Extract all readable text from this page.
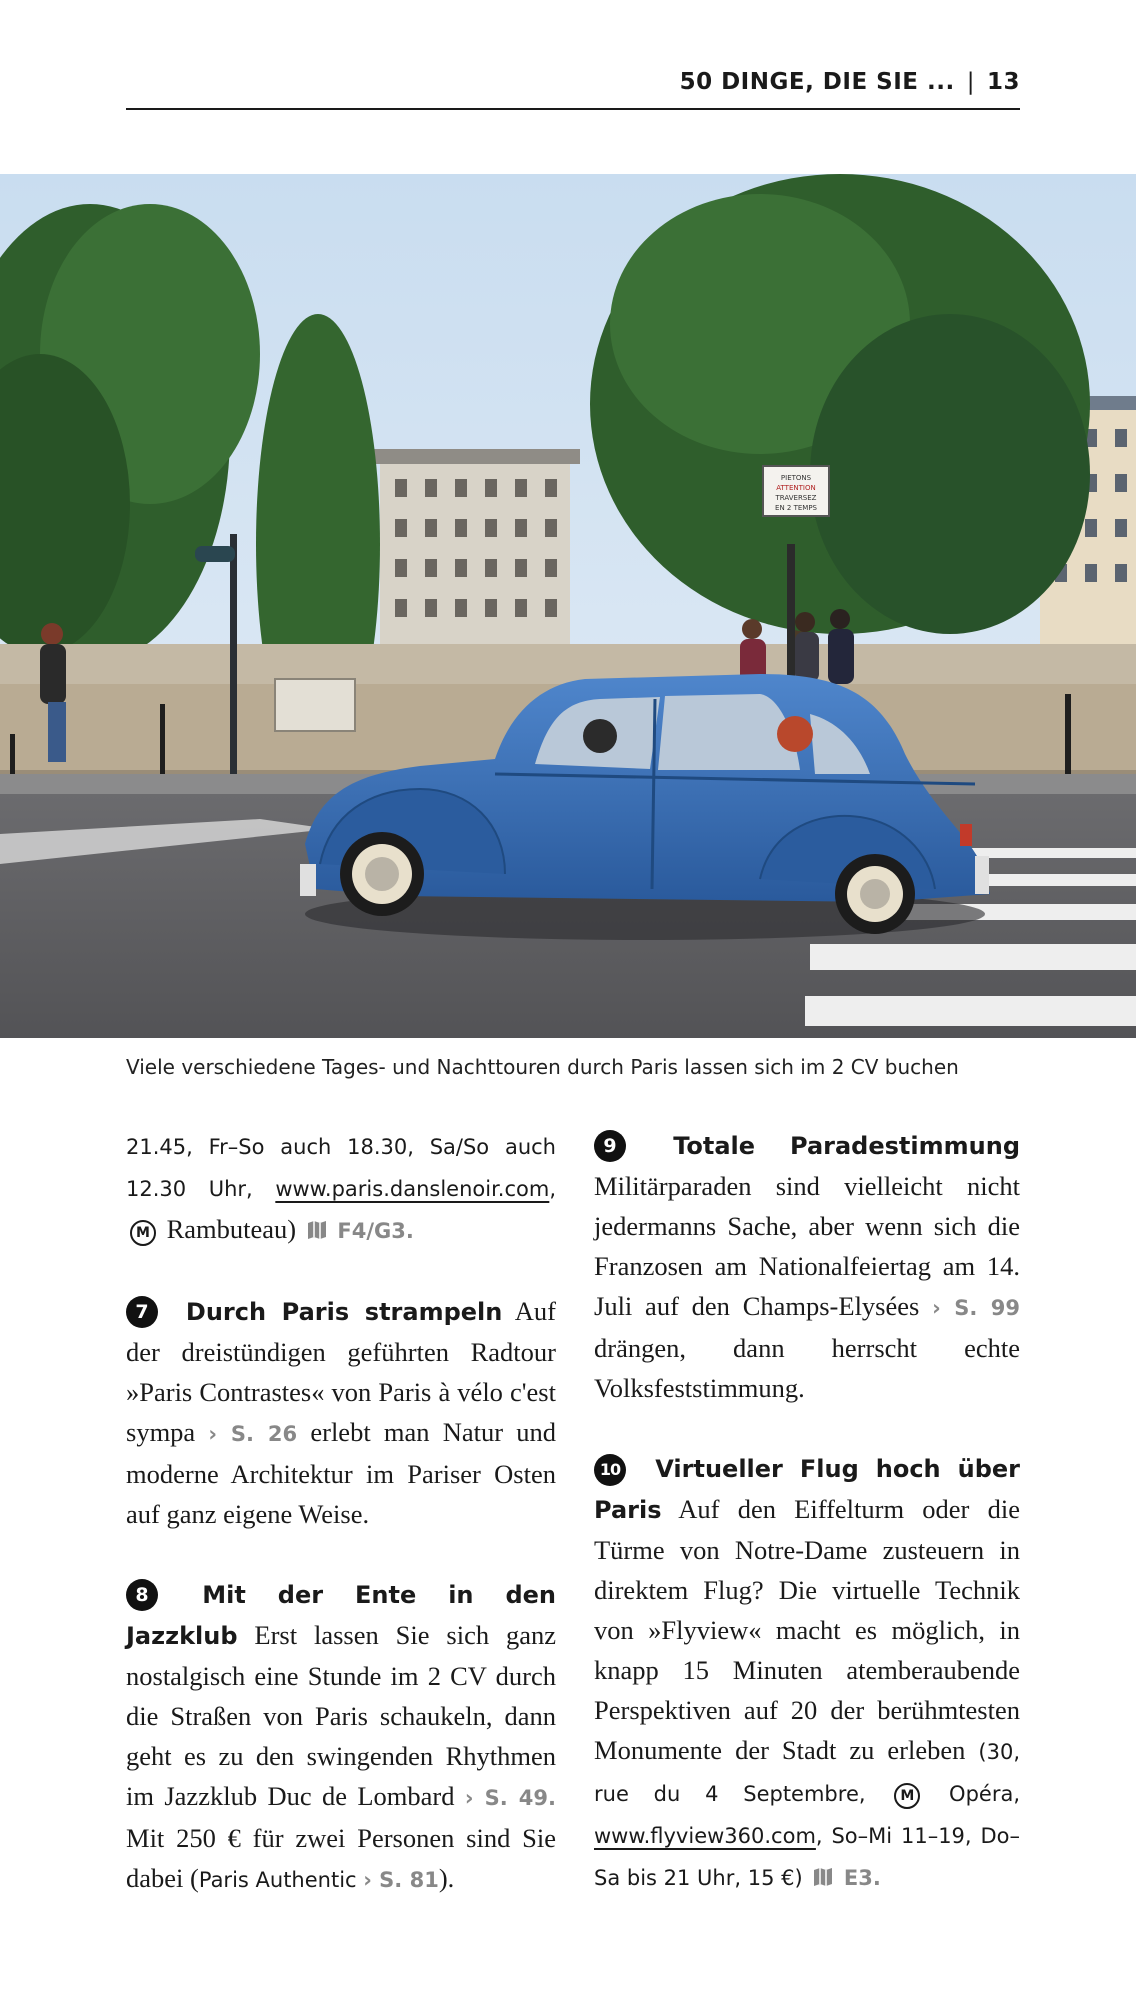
50 DINGE, DIE SIE ... | 13
PIETONS
ATTENTION
TRAVERSEZ
EN 2 TEMPS
Viele verschiedene Tages- und Nachttouren durch Paris lassen sich im 2 CV buchen

21.45, Fr–So auch 18.30, Sa/So auch 12.30 Uhr, www.paris.danslenoir.com, M Rambuteau) F4/G3.

7 Durch Paris strampeln Auf der dreistündigen geführten Radtour »Paris Contrastes« von Paris à vélo c'est sympa › S. 26 erlebt man Natur und moderne Architektur im Pariser Osten auf ganz eigene Weise.

8 Mit der Ente in den Jazzklub Erst lassen Sie sich ganz nostalgisch eine Stunde im 2 CV durch die Straßen von Paris schaukeln, dann geht es zu den swingenden Rhythmen im Jazzklub Duc de Lombard › S. 49. Mit 250 € für zwei Personen sind Sie dabei (Paris Authentic › S. 81).

9 Totale Paradestimmung Militärparaden sind vielleicht nicht jedermanns Sache, aber wenn sich die Franzosen am Nationalfeiertag am 14. Juli auf den Champs-Elysées › S. 99 drängen, dann herrscht echte Volksfeststimmung.

10 Virtueller Flug hoch über Paris Auf den Eiffelturm oder die Türme von Notre-Dame zusteuern in direktem Flug? Die virtuelle Technik von »Flyview« macht es möglich, in knapp 15 Minuten atemberaubende Perspektiven auf 20 der berühmtesten Monumente der Stadt zu erleben (30, rue du 4 Septembre, M Opéra, www.flyview360.com, So–Mi 11–19, Do–Sa bis 21 Uhr, 15 €) E3.
